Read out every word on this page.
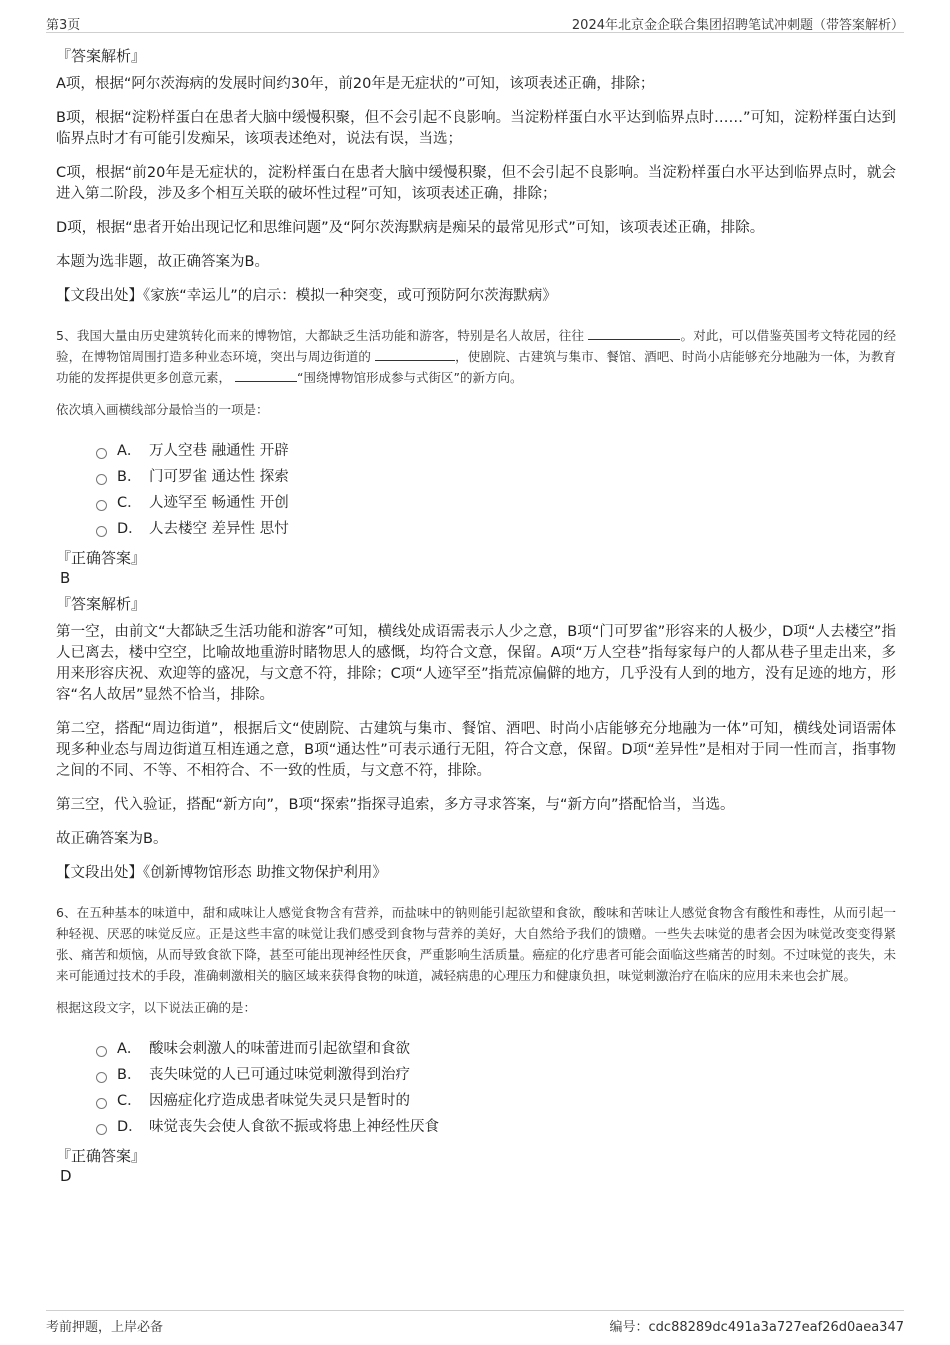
第3页	2024年北京金企联合集团招聘笔试冲刺题（带答案解析）
『答案解析』

A项，根据“阿尔茨海病的发展时间约30年，前20年是无症状的”可知，该项表述正确，排除；

B项，根据“淀粉样蛋白在患者大脑中缓慢积聚，但不会引起不良影响。当淀粉样蛋白水平达到临界点时……”可知，淀粉样蛋白达到临界点时才有可能引发痴呆，该项表述绝对，说法有误，当选；

C项，根据“前20年是无症状的，淀粉样蛋白在患者大脑中缓慢积聚，但不会引起不良影响。当淀粉样蛋白水平达到临界点时，就会进入第二阶段，涉及多个相互关联的破坏性过程”可知，该项表述正确，排除；

D项，根据“患者开始出现记忆和思维问题”及“阿尔茨海默病是痴呆的最常见形式”可知，该项表述正确，排除。

本题为选非题，故正确答案为B。

【文段出处】《家族“幸运儿”的启示：模拟一种突变，或可预防阿尔茨海默病》

5、我国大量由历史建筑转化而来的博物馆，大都缺乏生活功能和游客，特别是名人故居，往往	。对此，可以借鉴英国考文特花园的经验，在博物馆周围打造多种业态环境，突出与周边街道的	，使剧院、古建筑与集市、餐馆、酒吧、时尚小店能够充分地融为一体，为教育功能的发挥提供更多创意元素，	“围绕博物馆形成参与式街区”的新方向。

依次填入画横线部分最恰当的一项是：

A． 万人空巷 融通性 开辟
B． 门可罗雀 通达性 探索
C． 人迹罕至 畅通性 开创
D． 人去楼空 差异性 思忖
『正确答案』
B
『答案解析』

第一空，由前文“大都缺乏生活功能和游客”可知，横线处成语需表示人少之意，B项“门可罗雀”形容来的人极少，D项“人去楼空”指人已离去，楼中空空，比喻故地重游时睹物思人的感慨，均符合文意，保留。A项“万人空巷”指每家每户的人都从巷子里走出来，多用来形容庆祝、欢迎等的盛况，与文意不符，排除；C项“人迹罕至”指荒凉偏僻的地方，几乎没有人到的地方，没有足迹的地方，形容“名人故居”显然不恰当，排除。

第二空，搭配“周边街道”，根据后文“使剧院、古建筑与集市、餐馆、酒吧、时尚小店能够充分地融为一体”可知，横线处词语需体现多种业态与周边街道互相连通之意，B项“通达性”可表示通行无阻，符合文意，保留。D项“差异性”是相对于同一性而言，指事物之间的不同、不等、不相符合、不一致的性质，与文意不符，排除。

第三空，代入验证，搭配“新方向”，B项“探索”指探寻追索，多方寻求答案，与“新方向”搭配恰当，当选。

故正确答案为B。

【文段出处】《创新博物馆形态 助推文物保护利用》

6、在五种基本的味道中，甜和咸味让人感觉食物含有营养，而盐味中的钠则能引起欲望和食欲，酸味和苦味让人感觉食物含有酸性和毒性，从而引起一种轻视、厌恶的味觉反应。正是这些丰富的味觉让我们感受到食物与营养的美好，大自然给予我们的馈赠。一些失去味觉的患者会因为味觉改变变得紧张、痛苦和烦恼，从而导致食欲下降，甚至可能出现神经性厌食，严重影响生活质量。癌症的化疗患者可能会面临这些痛苦的时刻。不过味觉的丧失，未来可能通过技术的手段，准确刺激相关的脑区域来获得食物的味道，减轻病患的心理压力和健康负担，味觉刺激治疗在临床的应用未来也会扩展。

根据这段文字，以下说法正确的是：

A． 酸味会刺激人的味蕾进而引起欲望和食欲
B． 丧失味觉的人已可通过味觉刺激得到治疗
C． 因癌症化疗造成患者味觉失灵只是暂时的
D． 味觉丧失会使人食欲不振或将患上神经性厌食
『正确答案』
D
考前押题，上岸必备	编号：cdc88289dc491a3a727eaf26d0aea347
